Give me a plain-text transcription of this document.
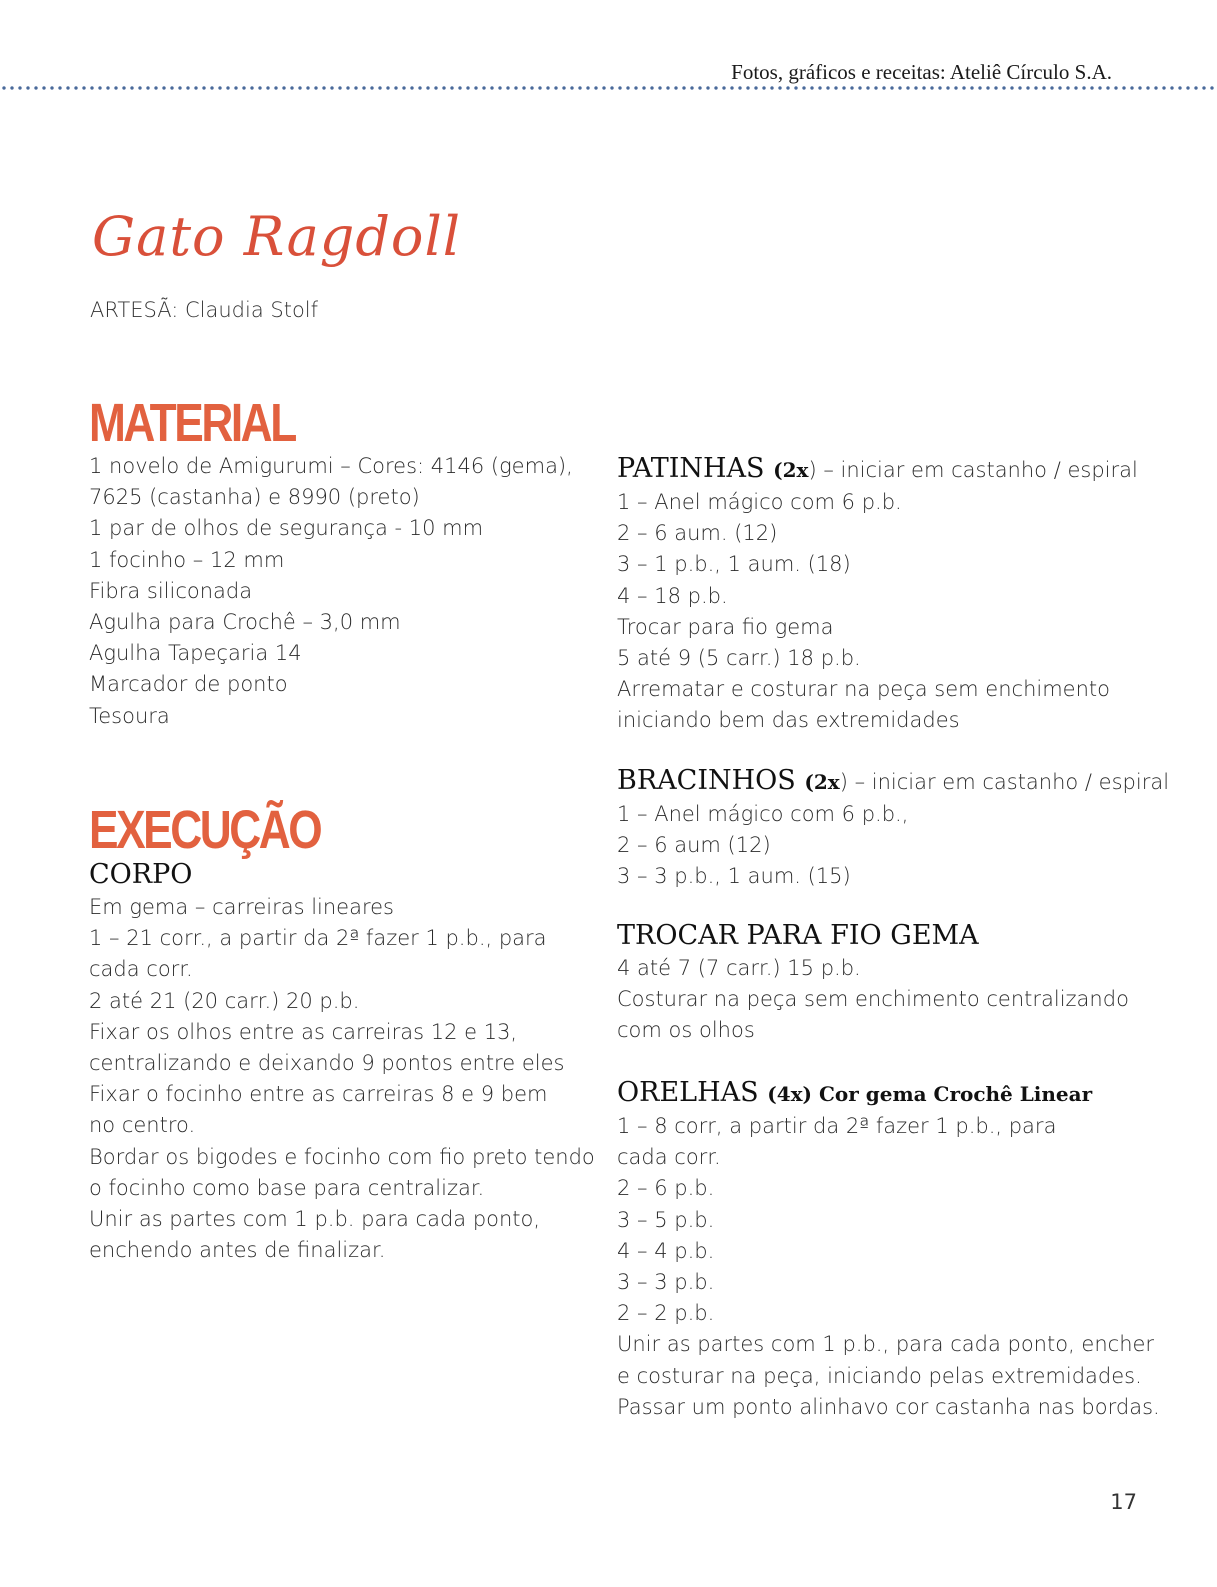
Fotos, gráficos e receitas: Ateliê Círculo S.A.
Gato Ragdoll
ARTESÃ: Claudia Stolf
MATERIAL
1 novelo de Amigurumi – Cores: 4146 (gema),
7625 (castanha) e 8990 (preto)
1 par de olhos de segurança - 10 mm
1 focinho – 12 mm
Fibra siliconada
Agulha para Crochê – 3,0 mm
Agulha Tapeçaria 14
Marcador de ponto
Tesoura
EXECUÇÃO
CORPO
Em gema – carreiras lineares
1 – 21 corr., a partir da 2ª fazer 1 p.b., para
cada corr.
2 até 21 (20 carr.) 20 p.b.
Fixar os olhos entre as carreiras 12 e 13,
centralizando e deixando 9 pontos entre eles
Fixar o focinho entre as carreiras 8 e 9 bem
no centro.
Bordar os bigodes e focinho com fio preto tendo
o focinho como base para centralizar.
Unir as partes com 1 p.b. para cada ponto,
enchendo antes de finalizar.
PATINHAS (2x) – iniciar em castanho / espiral
1 – Anel mágico com 6 p.b.
2 – 6 aum. (12)
3 – 1 p.b., 1 aum. (18)
4 – 18 p.b.
Trocar para fio gema
5 até 9 (5 carr.) 18 p.b.
Arrematar e costurar na peça sem enchimento
iniciando bem das extremidades
BRACINHOS (2x) – iniciar em castanho / espiral
1 – Anel mágico com 6 p.b.,
2 – 6 aum (12)
3 – 3 p.b., 1 aum. (15)
TROCAR PARA FIO GEMA
4 até 7 (7 carr.) 15 p.b.
Costurar na peça sem enchimento centralizando
com os olhos
ORELHAS (4x) Cor gema Crochê Linear
1 – 8 corr, a partir da 2ª fazer 1 p.b., para
cada corr.
2 – 6 p.b.
3 – 5 p.b.
4 – 4 p.b.
3 – 3 p.b.
2 – 2 p.b.
Unir as partes com 1 p.b., para cada ponto, encher
e costurar na peça, iniciando pelas extremidades.
Passar um ponto alinhavo cor castanha nas bordas.
17
